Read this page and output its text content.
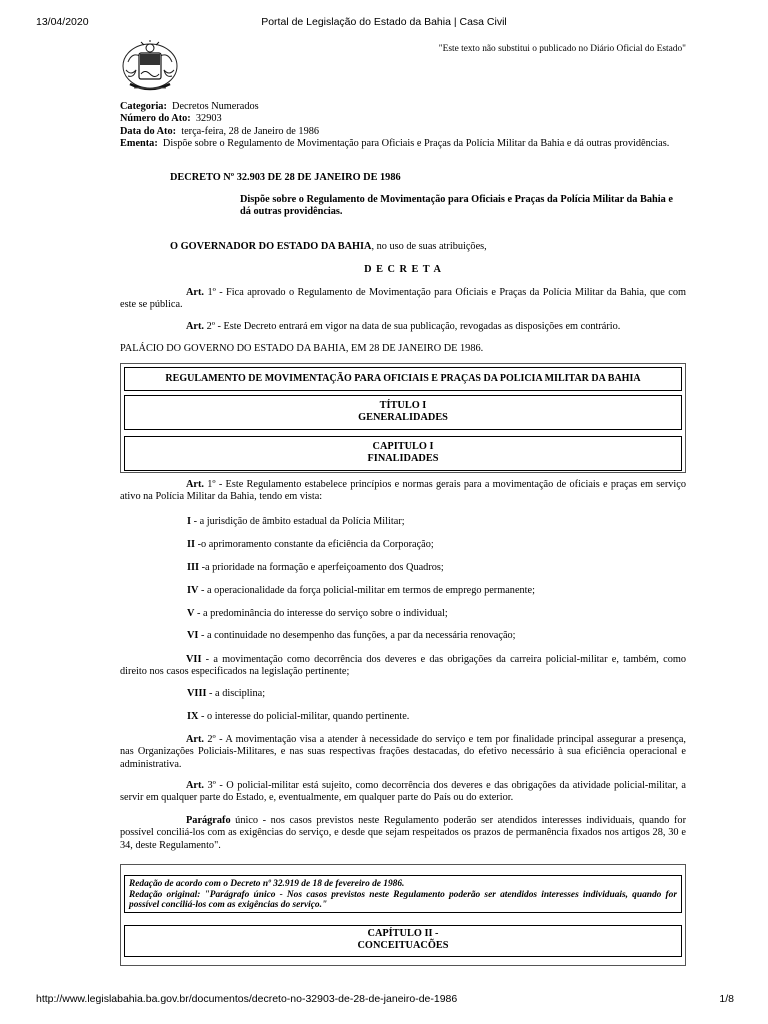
13/04/2020	Portal de Legislação do Estado da Bahia | Casa Civil
"Este texto não substitui o publicado no Diário Oficial do Estado"
Categoria: Decretos Numerados
Número do Ato: 32903
Data do Ato: terça-feira, 28 de Janeiro de 1986
Ementa: Dispõe sobre o Regulamento de Movimentação para Oficiais e Praças da Polícia Militar da Bahia e dá outras providências.

DECRETO Nº 32.903 DE 28 DE JANEIRO DE 1986

Dispõe sobre o Regulamento de Movimentação para Oficiais e Praças da Polícia Militar da Bahia e dá outras providências.

O GOVERNADOR DO ESTADO DA BAHIA, no uso de suas atribuições,

D E C R E T A

Art. 1º - Fica aprovado o Regulamento de Movimentação para Oficiais e Praças da Polícia Militar da Bahia, que com este se pública.

Art. 2º - Este Decreto entrará em vigor na data de sua publicação, revogadas as disposições em contrário.

PALÁCIO DO GOVERNO DO ESTADO DA BAHIA, EM 28 DE JANEIRO DE 1986.

REGULAMENTO DE MOVIMENTAÇÃO PARA OFICIAIS E PRAÇAS DA POLICIA MILITAR DA BAHIA
TÍTULO I
GENERALIDADES
CAPITULO I
FINALIDADES

Art. 1º - Este Regulamento estabelece princípios e normas gerais para a movimentação de oficiais e praças em serviço ativo na Polícia Militar da Bahia, tendo em vista:

I - a jurisdição de âmbito estadual da Polícia Militar;

II -o aprimoramento constante da eficiência da Corporação;

III -a prioridade na formação e aperfeiçoamento dos Quadros;

IV - a operacionalidade da força policial-militar em termos de emprego permanente;

V - a predominância do interesse do serviço sobre o individual;

VI - a continuidade no desempenho das funções, a par da necessária renovação;

VII - a movimentação como decorrência dos deveres e das obrigações da carreira policial-militar e, também, como direito nos casos especificados na legislação pertinente;

VIII - a disciplina;

IX - o interesse do policial-militar, quando pertinente.

Art. 2º - A movimentação visa a atender à necessidade do serviço e tem por finalidade principal assegurar a presença, nas Organizações Policiais-Militares, e nas suas respectivas frações destacadas, do efetivo necessário à sua eficiência operacional e administrativa.

Art. 3º - O policial-militar está sujeito, como decorrência dos deveres e das obrigações da atividade policial-militar, a servir em qualquer parte do Estado, e, eventualmente, em qualquer parte do País ou do exterior.

Parágrafo único - nos casos previstos neste Regulamento poderão ser atendidos interesses individuais, quando for possível conciliá-los com as exigências do serviço, e desde que sejam respeitados os prazos de permanência fixados nos artigos 28, 30 e 34, deste Regulamento".

Redação de acordo com o Decreto nº 32.919 de 18 de fevereiro de 1986.
Redação original: "Parágrafo único - Nos casos previstos neste Regulamento poderão ser atendidos interesses individuais, quando for possível conciliá-los com as exigências do serviço."
CAPÍTULO II -
CONCEITUACÕES
http://www.legislabahia.ba.gov.br/documentos/decreto-no-32903-de-28-de-janeiro-de-1986	1/8
